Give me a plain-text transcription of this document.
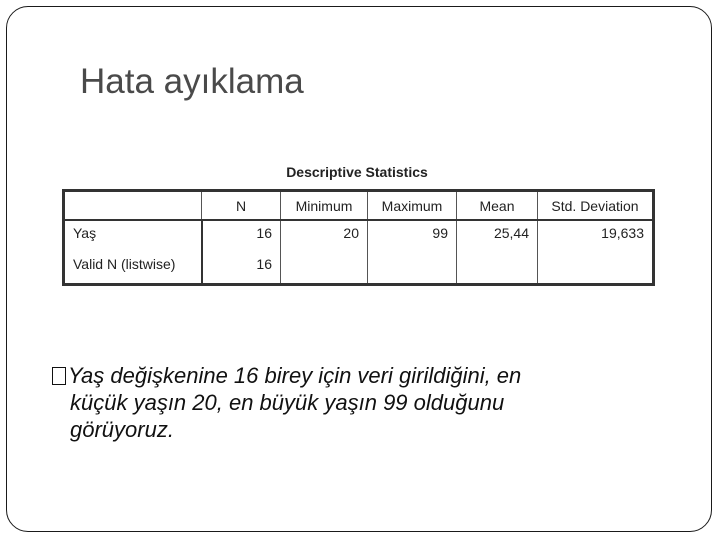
Hata ayıklama
Descriptive Statistics
	N	Minimum	Maximum	Mean	Std. Deviation
Yaş	16	20	99	25,44	19,633
Valid N (listwise)	16				
Yaş değişkenine 16 birey için veri girildiğini, en
küçük yaşın 20, en büyük yaşın 99 olduğunu
görüyoruz.
